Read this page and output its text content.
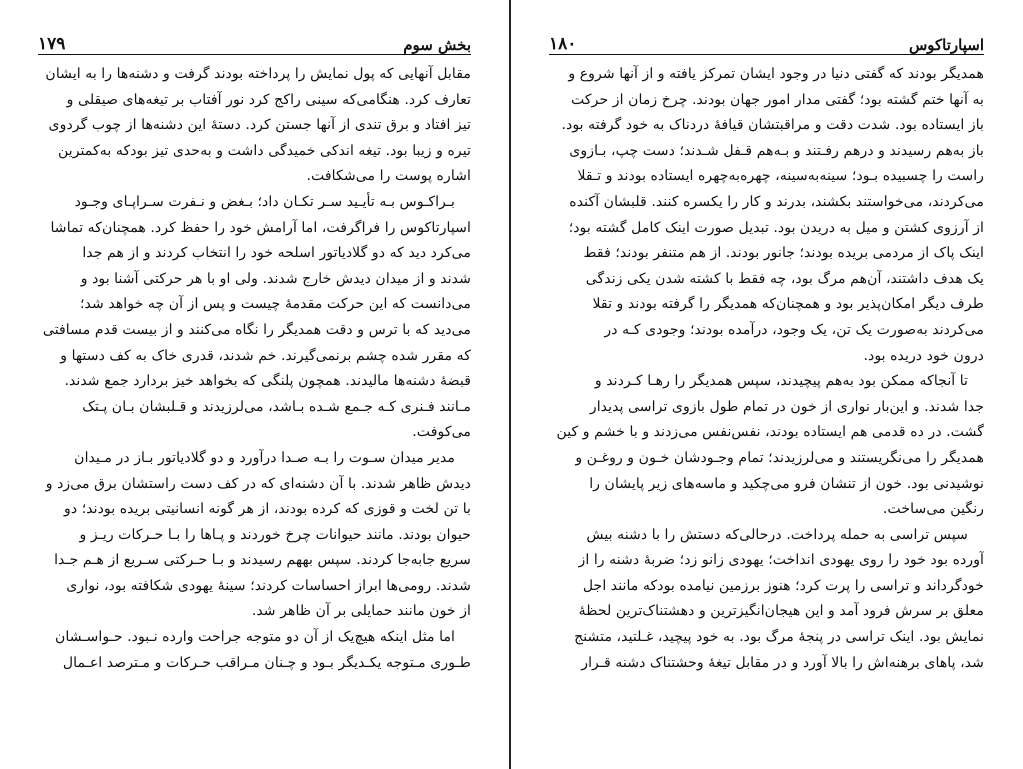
بخش سوم
۱۷۹
مقابل آنهایی که پول نمایش را پرداخته بودند گرفت و دشنه‌ها را به ایشان
تعارف کرد. هنگامی‌که سینی راکج کرد نور آفتاب بر تیغه‌های صیقلی و
تیز افتاد و برق تندی از آنها جستن کرد. دستهٔ این دشنه‌ها از چوب گردوی
تیره و زیبا بود. تیغه اندکی خمیدگی داشت و به‌حدی تیز بودکه به‌کمترین
اشاره پوست را می‌شکافت.
بـراکـوس بـه تأیـید سـر تکـان داد؛ بـغض و نـفرت سـراپـای وجـود
اسپارتاکوس را فراگرفت، اما آرامش خود را حفظ کرد. همچنان‌که تماشا
می‌کرد دید که دو گلادیاتور اسلحه خود را انتخاب کردند و از هم جدا
شدند و از میدان دیدش خارج شدند. ولی او با هر حرکتی آشنا بود و
می‌دانست که این حرکت مقدمهٔ چیست و پس از آن چه خواهد شد؛
می‌دید که با ترس و دقت همدیگر را نگاه می‌کنند و از بیست قدم مسافتی
که مقرر شده چشم برنمی‌گیرند. خم شدند، قدری خاک به کف دستها و
قبضهٔ دشنه‌ها مالیدند. همچون پلنگی که بخواهد خیز بردارد جمع شدند.
مـانند فـنری کـه جـمع شـده بـاشد، می‌لرزیدند و قـلبشان بـان پـتک
می‌کوفت.
مدیر میدان سـوت را بـه صـدا درآورد و دو گلادیاتور بـاز در مـیدان
دیدش ظاهر شدند. با آن دشنه‌ای که در کف دست راستشان برق می‌زد و
با تن لخت و قوزی که کرده بودند، از هر گونه انسانیتی بریده بودند؛ دو
حیوان بودند. مانند حیوانات چرخ خوردند و پـاها را بـا حـرکات ریـز و
سریع جابه‌جا کردند. سپس بههم رسیدند و بـا حـرکتی سـریع از هـم جـدا
شدند. رومی‌ها ابراز احساسات کردند؛ سینهٔ یهودی شکافته بود، نواری
از خون مانند حمایلی بر آن ظاهر شد.
اما مثل اینکه هیچ‌یک از آن دو متوجه جراحت وارده نـبود. حـواسـشان
طـوری مـتوجه یکـدیگر بـود و چـنان مـراقب حـرکات و مـترصد اعـمال
اسپارتاکوس
۱۸۰
همدیگر بودند که گفتی دنیا در وجود ایشان تمرکز یافته و از آنها شروع و
به آنها ختم گشته بود؛ گفتی مدار امور جهان بودند. چرخ زمان از حرکت
باز ایستاده بود. شدت دقت و مراقبتشان قیافهٔ دردناک به خود گرفته بود.
باز به‌هم رسیدند و درهم رفـتند و بـه‌هم قـفل شـدند؛ دست چپ، بـازوی
راست را چسبیده بـود؛ سینه‌به‌سینه، چهره‌به‌چهره ایستاده بودند و تـقلا
می‌کردند، می‌خواستند بکشند، بدرند و کار را یکسره کنند. قلبشان آکنده
از آرزوی کشتن و میل به دریدن بود. تبدیل صورت اینک کامل گشته بود؛
اینک پاک از مردمی بریده بودند؛ جانور بودند. از هم متنفر بودند؛ فقط
یک هدف داشتند، آن‌هم مرگ بود، چه فقط با کشته شدن یکی زندگی
طرف دیگر امکان‌پذیر بود و همچنان‌که همدیگر را گرفته بودند و تقلا
می‌کردند به‌صورت یک تن، یک وجود، درآمده بودند؛ وجودی کـه در
درون خود دریده بود.
تا آنجاکه ممکن بود به‌هم پیچیدند، سپس همدیگر را رهـا کـردند و
جدا شدند. و این‌بار نواری از خون در تمام طول بازوی تراسی پدیدار
گشت. در ده قدمی هم ایستاده بودند، نفس‌نفس می‌زدند و با خشم و کین
همدیگر را می‌نگریستند و می‌لرزیدند؛ تمام وجـودشان خـون و روغـن و
نوشیدنی بود. خون از تنشان فرو می‌چکید و ماسه‌های زیر پایشان را
رنگین می‌ساخت.
سپس تراسی به حمله پرداخت. درحالی‌که دستش را با دشنه بیش
آورده بود خود را روی یهودی انداخت؛ یهودی زانو زد؛ ضربهٔ دشنه را از
خودگرداند و تراسی را پرت کرد؛ هنوز برزمین نیامده بودکه مانند اجل
معلق بر سرش فرود آمد و این هیجان‌انگیزترین و دهشتناک‌ترین لحظهٔ
نمایش بود. اینک تراسی در پنجهٔ مرگ بود. به خود پیچید، غـلتید، متشنج
شد، پاهای برهنه‌اش را بالا آورد و در مقابل تیغهٔ وحشتناک دشنه قـرار
